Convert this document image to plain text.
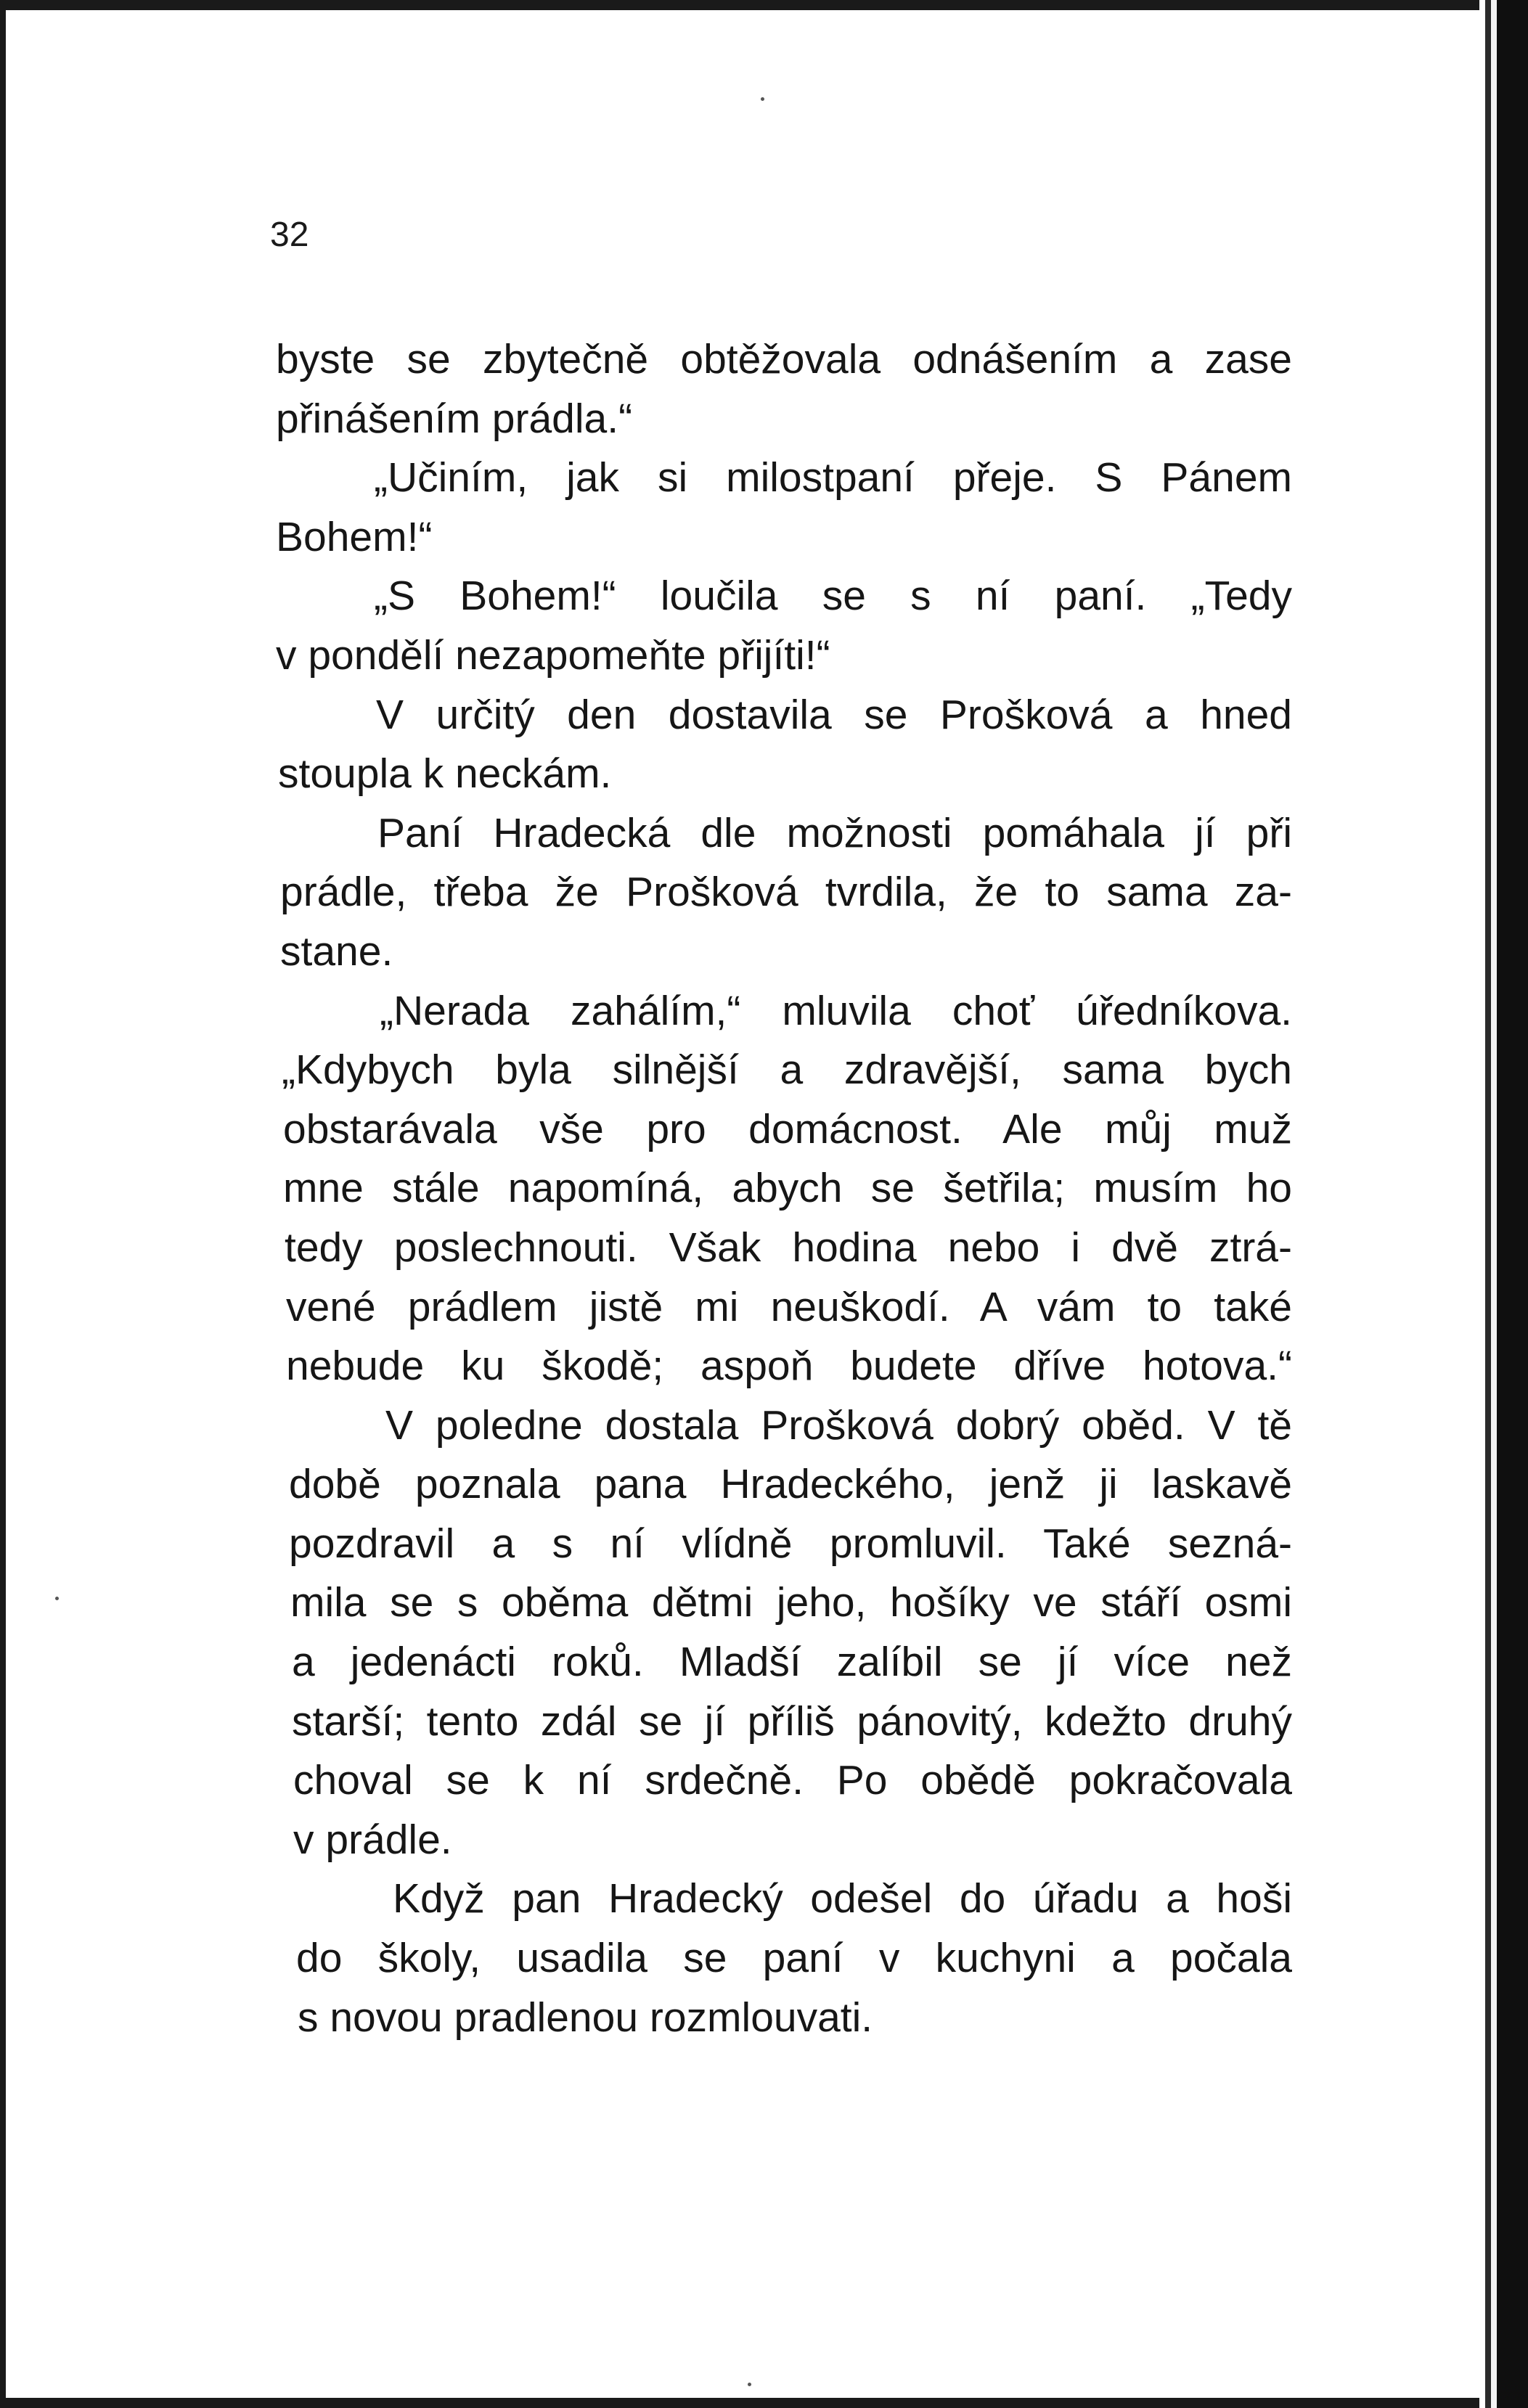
32
byste se zbytečně obtěžovala odnášením a zase
přinášením prádla.“
„Učiním, jak si milostpaní přeje. S Pánem
Bohem!“
„S Bohem!“ loučila se s ní paní. „Tedy
v pondělí nezapomeňte přijíti!“
V určitý den dostavila se Prošková a hned
stoupla k neckám.
Paní Hradecká dle možnosti pomáhala jí při
prádle, třeba že Prošková tvrdila, že to sama za-
stane.
„Nerada zahálím,“ mluvila choť úředníkova.
„Kdybych byla silnější a zdravější, sama bych
obstarávala vše pro domácnost. Ale můj muž
mne stále napomíná, abych se šetřila; musím ho
tedy poslechnouti. Však hodina nebo i dvě ztrá-
vené prádlem jistě mi neuškodí. A vám to také
nebude ku škodě; aspoň budete dříve hotova.“
V poledne dostala Prošková dobrý oběd. V tě
době poznala pana Hradeckého, jenž ji laskavě
pozdravil a s ní vlídně promluvil. Také sezná-
mila se s oběma dětmi jeho, hošíky ve stáří osmi
a jedenácti roků. Mladší zalíbil se jí více než
starší; tento zdál se jí příliš pánovitý, kdežto druhý
choval se k ní srdečně. Po obědě pokračovala
v prádle.
Když pan Hradecký odešel do úřadu a hoši
do školy, usadila se paní v kuchyni a počala
s novou pradlenou rozmlouvati.
